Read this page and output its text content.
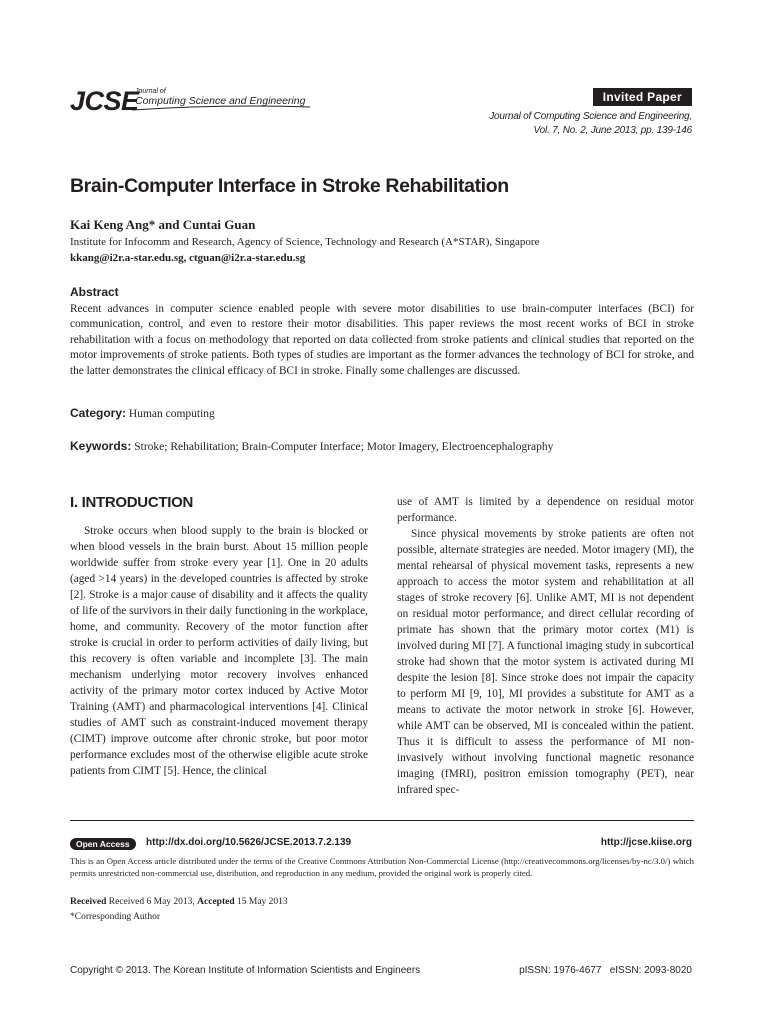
JCSE
Journal of
Computing Science and Engineering	Invited Paper
Journal of Computing Science and Engineering,
Vol. 7, No. 2, June 2013, pp. 139-146
Brain-Computer Interface in Stroke Rehabilitation
Kai Keng Ang* and Cuntai Guan
Institute for Infocomm and Research, Agency of Science, Technology and Research (A*STAR), Singapore
kkang@i2r.a-star.edu.sg, ctguan@i2r.a-star.edu.sg
Abstract
Recent advances in computer science enabled people with severe motor disabilities to use brain-computer interfaces (BCI) for communication, control, and even to restore their motor disabilities. This paper reviews the most recent works of BCI in stroke rehabilitation with a focus on methodology that reported on data collected from stroke patients and clinical studies that reported on the motor improvements of stroke patients. Both types of studies are important as the former advances the technology of BCI for stroke, and the latter demonstrates the clinical efficacy of BCI in stroke. Finally some challenges are discussed.
Category: Human computing
Keywords: Stroke; Rehabilitation; Brain-Computer Interface; Motor Imagery, Electroencephalography
I. INTRODUCTION

Stroke occurs when blood supply to the brain is blocked or when blood vessels in the brain burst. About 15 million people worldwide suffer from stroke every year [1]. One in 20 adults (aged >14 years) in the developed countries is affected by stroke [2]. Stroke is a major cause of disability and it affects the quality of life of the survivors in their daily functioning in the workplace, home, and community. Recovery of the motor function after stroke is crucial in order to perform activities of daily living, but this recovery is often variable and incomplete [3]. The main mechanism underlying motor recovery involves enhanced activity of the primary motor cortex induced by Active Motor Training (AMT) and pharmacological interventions [4]. Clinical studies of AMT such as constraint-induced movement therapy (CIMT) improve outcome after chronic stroke, but poor motor performance excludes most of the otherwise eligible acute stroke patients from CIMT [5]. Hence, the clinical

use of AMT is limited by a dependence on residual motor performance.

Since physical movements by stroke patients are often not possible, alternate strategies are needed. Motor imagery (MI), the mental rehearsal of physical movement tasks, represents a new approach to access the motor system and rehabilitation at all stages of stroke recovery [6]. Unlike AMT, MI is not dependent on residual motor performance, and direct cellular recording of primate has shown that the primary motor cortex (M1) is involved during MI [7]. A functional imaging study in subcortical stroke had shown that the motor system is activated during MI despite the lesion [8]. Since stroke does not impair the capacity to perform MI [9, 10], MI provides a substitute for AMT as a means to activate the motor network in stroke [6]. However, while AMT can be observed, MI is concealed within the patient. Thus it is difficult to assess the performance of MI non-invasively without involving functional magnetic resonance imaging (fMRI), positron emission tomography (PET), near infrared spec-

Open Access	http://dx.doi.org/10.5626/JCSE.2013.7.2.139	http://jcse.kiise.org
This is an Open Access article distributed under the terms of the Creative Commons Attribution Non-Commercial License (http://creativecommons.org/licenses/by-nc/3.0/) which permits unrestricted non-commercial use, distribution, and reproduction in any medium, provided the original work is properly cited.
Received Received 6 May 2013, Accepted 15 May 2013
*Corresponding Author
Copyright © 2013. The Korean Institute of Information Scientists and Engineers	pISSN: 1976-4677   eISSN: 2093-8020
